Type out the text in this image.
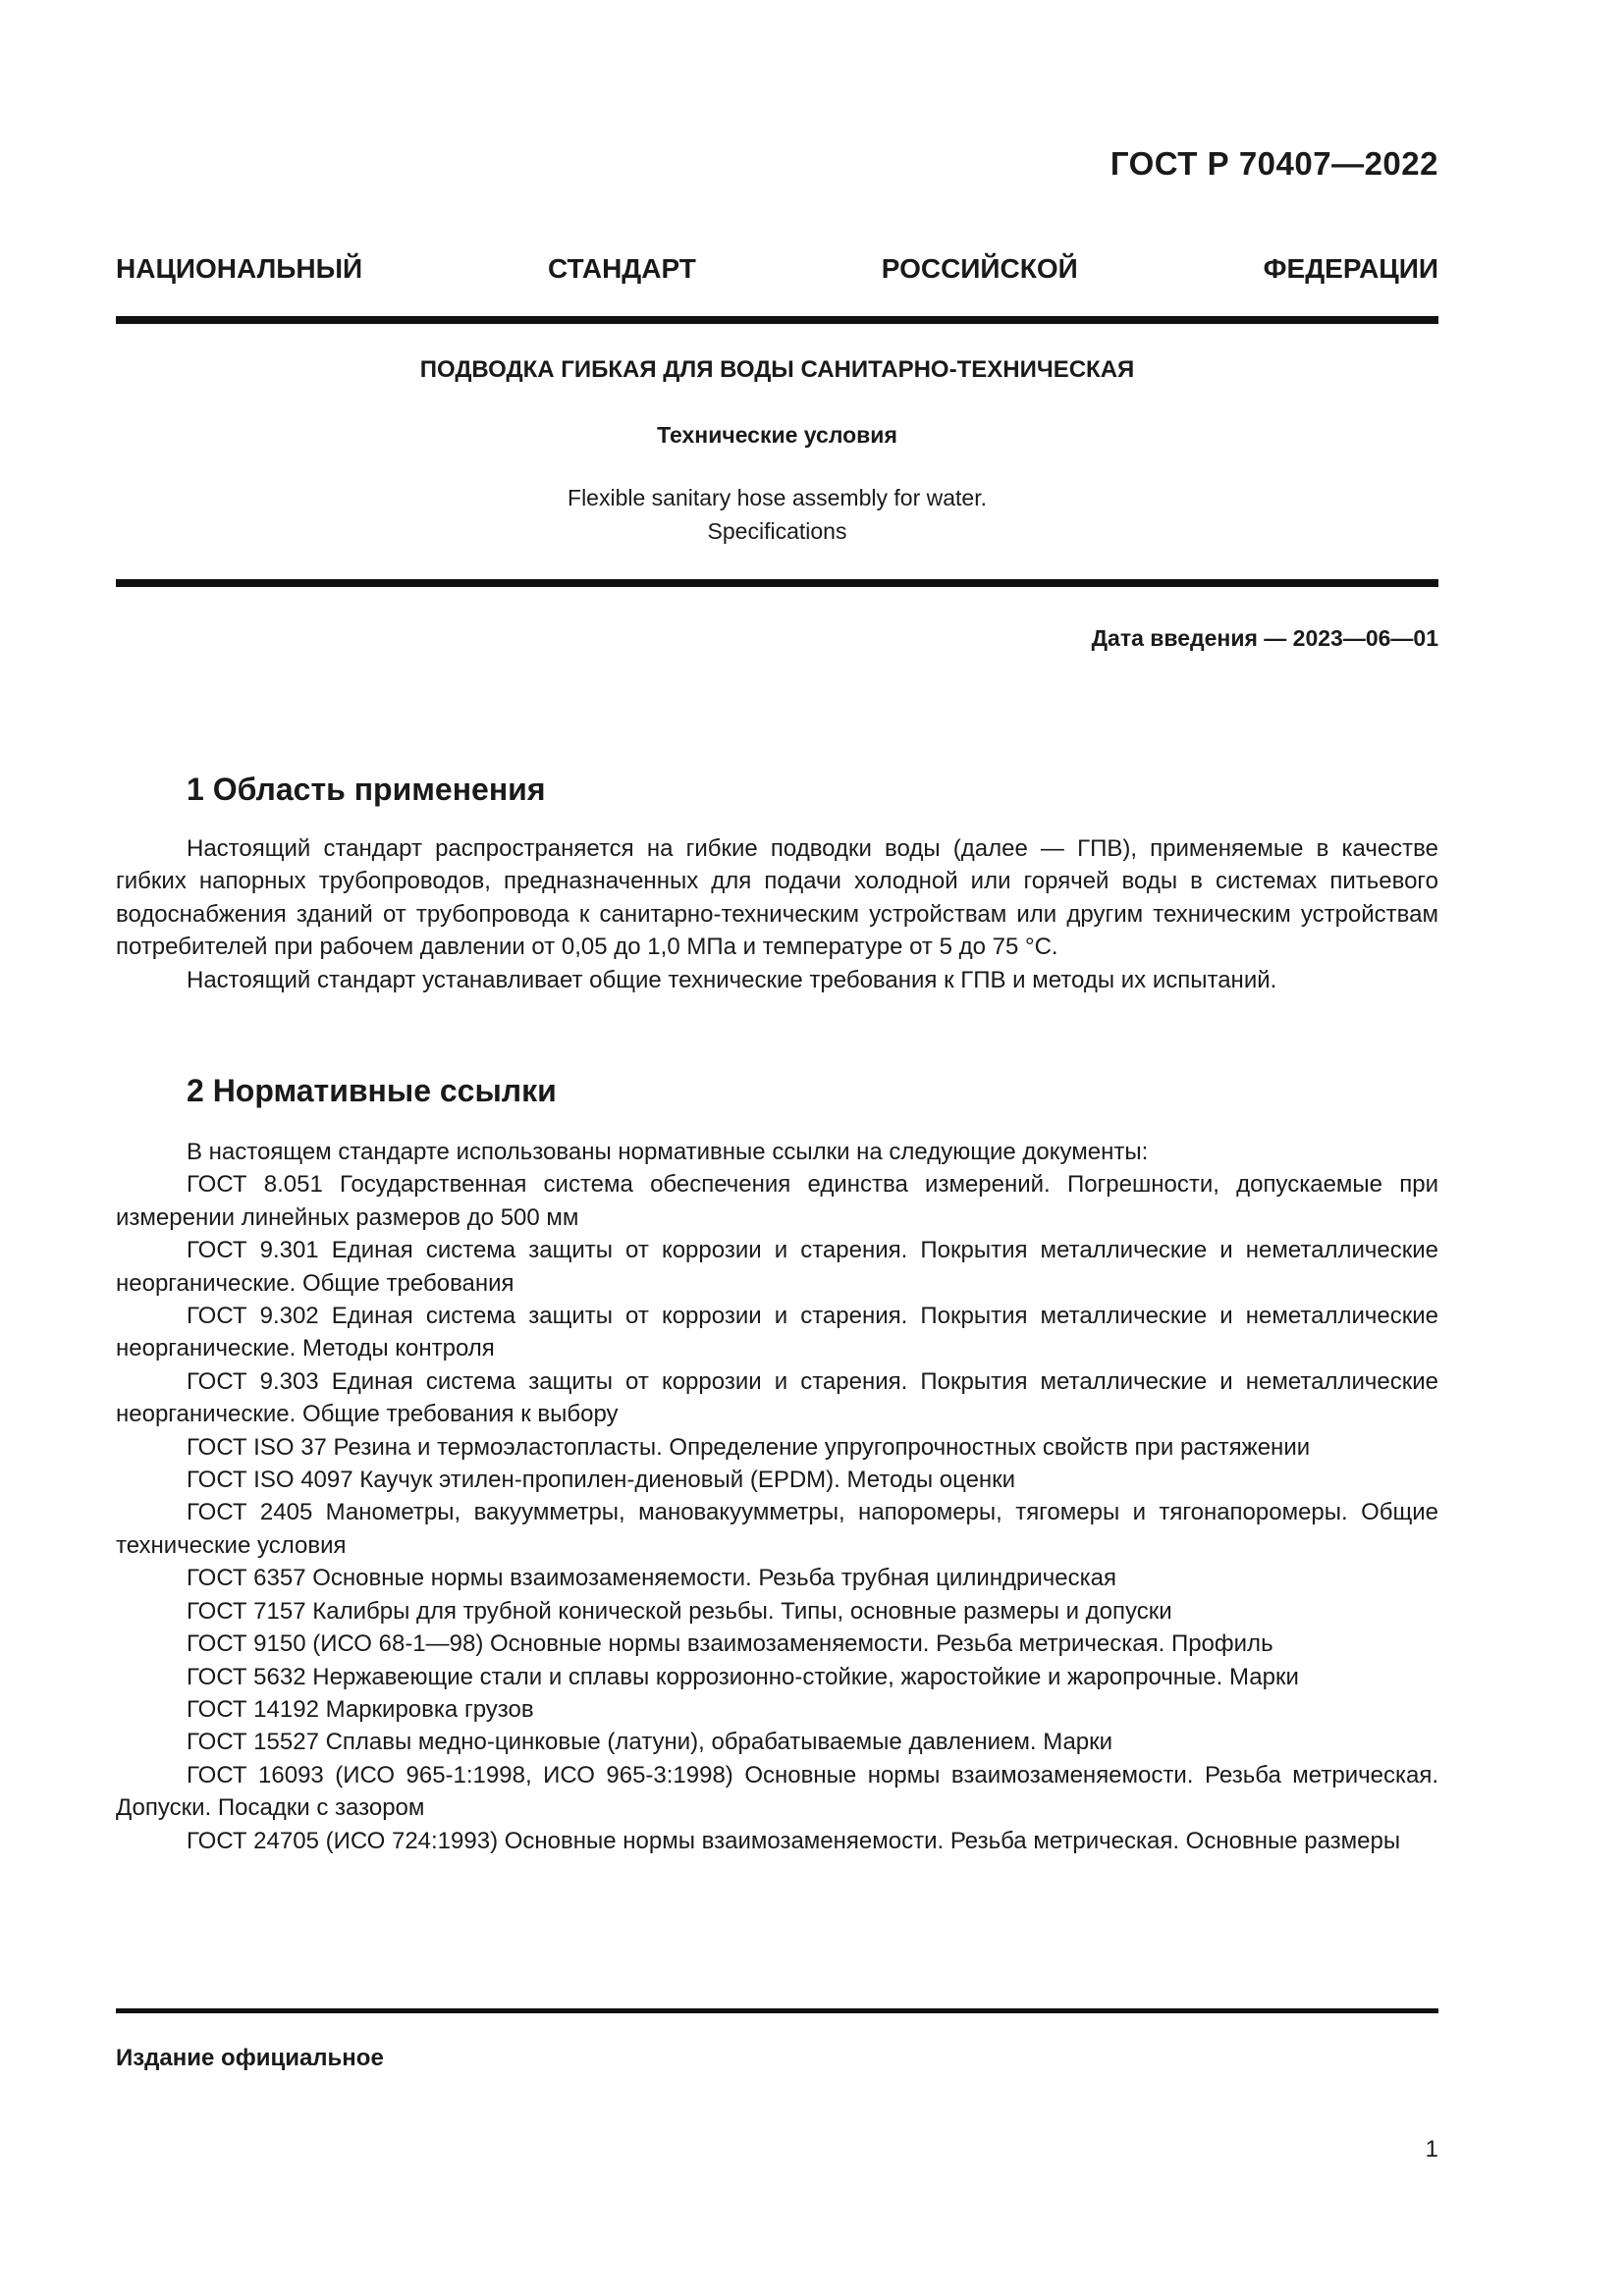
ГОСТ Р 70407—2022
НАЦИОНАЛЬНЫЙ СТАНДАРТ РОССИЙСКОЙ ФЕДЕРАЦИИ
ПОДВОДКА ГИБКАЯ ДЛЯ ВОДЫ САНИТАРНО-ТЕХНИЧЕСКАЯ
Технические условия
Flexible sanitary hose assembly for water.
Specifications
Дата введения — 2023—06—01
1 Область применения

Настоящий стандарт распространяется на гибкие подводки воды (далее — ГПВ), применяемые в качестве гибких напорных трубопроводов, предназначенных для подачи холодной или горячей воды в системах питьевого водоснабжения зданий от трубопровода к санитарно-техническим устройствам или другим техническим устройствам потребителей при рабочем давлении от 0,05 до 1,0 МПа и температуре от 5 до 75 °С.

Настоящий стандарт устанавливает общие технические требования к ГПВ и методы их испытаний.

2 Нормативные ссылки

В настоящем стандарте использованы нормативные ссылки на следующие документы:

ГОСТ 8.051 Государственная система обеспечения единства измерений. Погрешности, допускаемые при измерении линейных размеров до 500 мм

ГОСТ 9.301 Единая система защиты от коррозии и старения. Покрытия металлические и неметаллические неорганические. Общие требования

ГОСТ 9.302 Единая система защиты от коррозии и старения. Покрытия металлические и неметаллические неорганические. Методы контроля

ГОСТ 9.303 Единая система защиты от коррозии и старения. Покрытия металлические и неметаллические неорганические. Общие требования к выбору

ГОСТ ISO 37 Резина и термоэластопласты. Определение упругопрочностных свойств при растяжении

ГОСТ ISO 4097 Каучук этилен-пропилен-диеновый (EPDM). Методы оценки

ГОСТ 2405 Манометры, вакуумметры, мановакуумметры, напоромеры, тягомеры и тягонапоромеры. Общие технические условия

ГОСТ 6357 Основные нормы взаимозаменяемости. Резьба трубная цилиндрическая

ГОСТ 7157 Калибры для трубной конической резьбы. Типы, основные размеры и допуски

ГОСТ 9150 (ИСО 68-1—98) Основные нормы взаимозаменяемости. Резьба метрическая. Профиль

ГОСТ 5632 Нержавеющие стали и сплавы коррозионно-стойкие, жаростойкие и жаропрочные. Марки

ГОСТ 14192 Маркировка грузов

ГОСТ 15527 Сплавы медно-цинковые (латуни), обрабатываемые давлением. Марки

ГОСТ 16093 (ИСО 965-1:1998, ИСО 965-3:1998) Основные нормы взаимозаменяемости. Резьба метрическая. Допуски. Посадки с зазором

ГОСТ 24705 (ИСО 724:1993) Основные нормы взаимозаменяемости. Резьба метрическая. Основные размеры

Издание официальное
1
